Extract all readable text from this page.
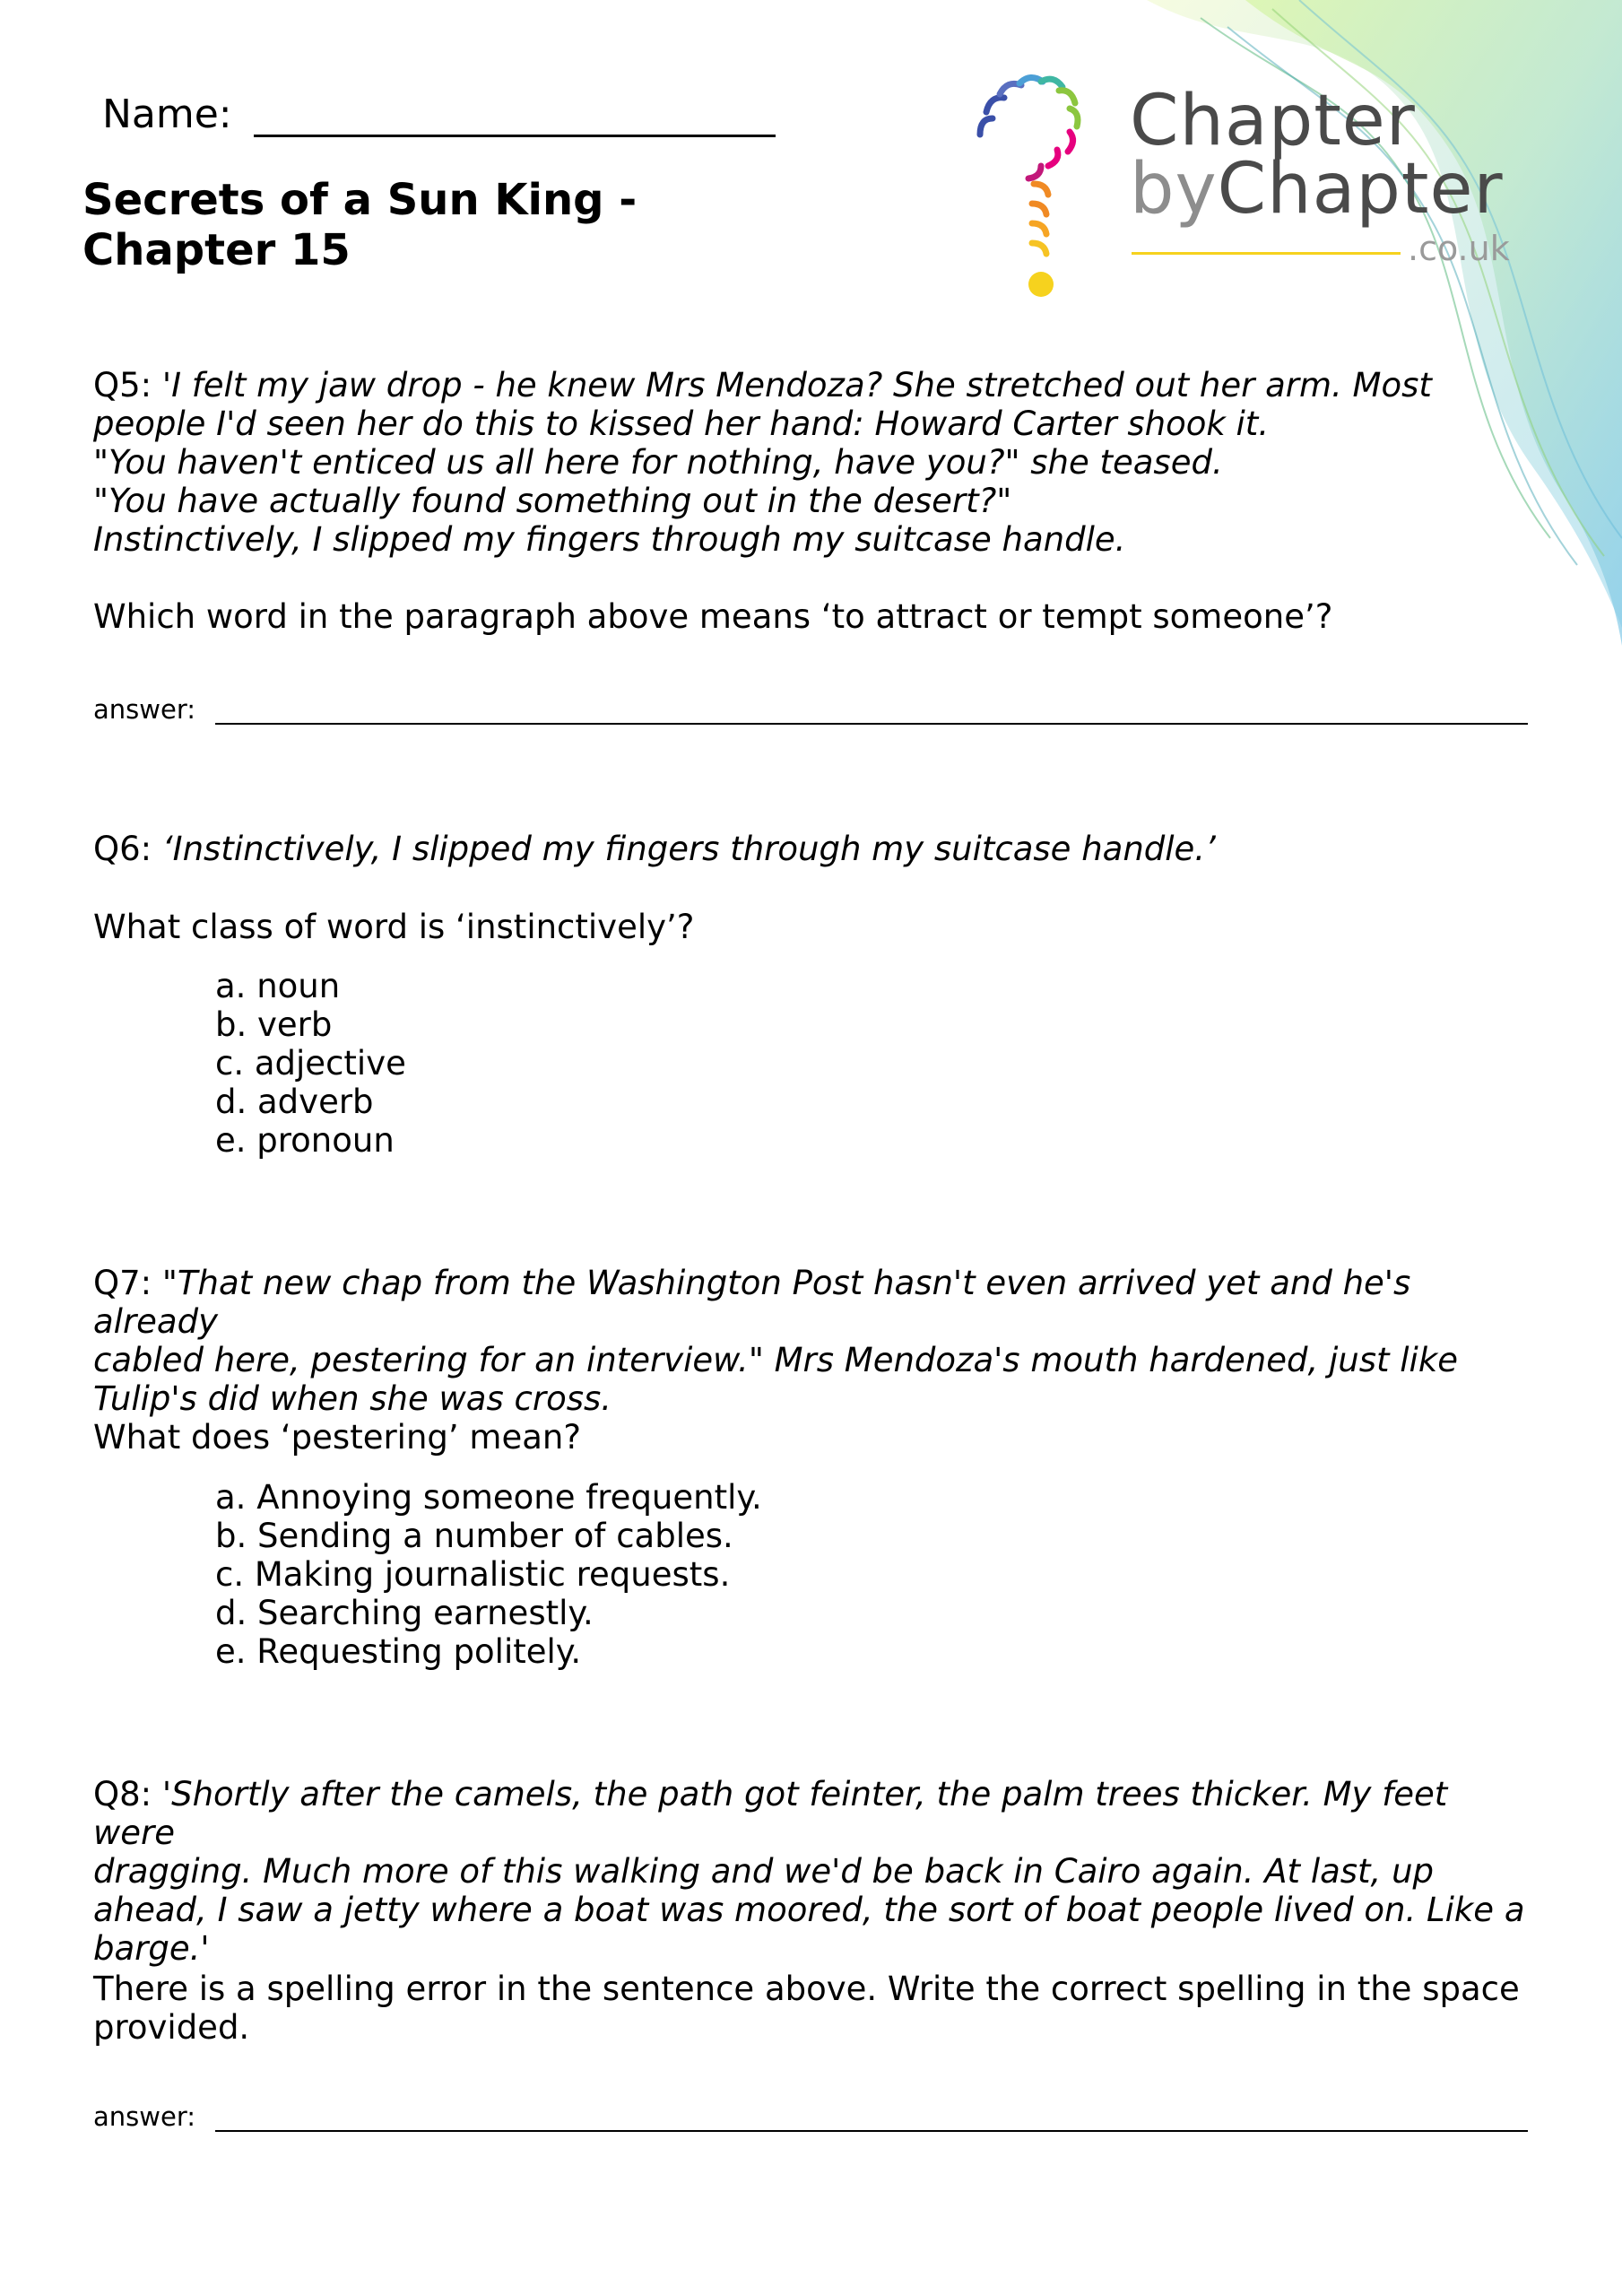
Name:
Secrets of a Sun King -
Chapter 15
Chapter
byChapter
.co.uk
Q5: 'I felt my jaw drop - he knew Mrs Mendoza? She stretched out her arm. Most
people I'd seen her do this to kissed her hand: Howard Carter shook it.
"You haven't enticed us all here for nothing, have you?" she teased.
"You have actually found something out in the desert?"
Instinctively, I slipped my fingers through my suitcase handle.
Which word in the paragraph above means ‘to attract or tempt someone’?
answer:
Q6: ‘Instinctively, I slipped my fingers through my suitcase handle.’
What class of word is ‘instinctively’?
a. noun
b. verb
c. adjective
d. adverb
e. pronoun
Q7: "That new chap from the Washington Post hasn't even arrived yet and he's already
cabled here, pestering for an interview." Mrs Mendoza's mouth hardened, just like
Tulip's did when she was cross.
What does ‘pestering’ mean?
a. Annoying someone frequently.
b. Sending a number of cables.
c. Making journalistic requests.
d. Searching earnestly.
e. Requesting politely.
Q8: 'Shortly after the camels, the path got feinter, the palm trees thicker. My feet were
dragging. Much more of this walking and we'd be back in Cairo again. At last, up
ahead, I saw a jetty where a boat was moored, the sort of boat people lived on. Like a
barge.'
There is a spelling error in the sentence above. Write the correct spelling in the space
provided.
answer:
